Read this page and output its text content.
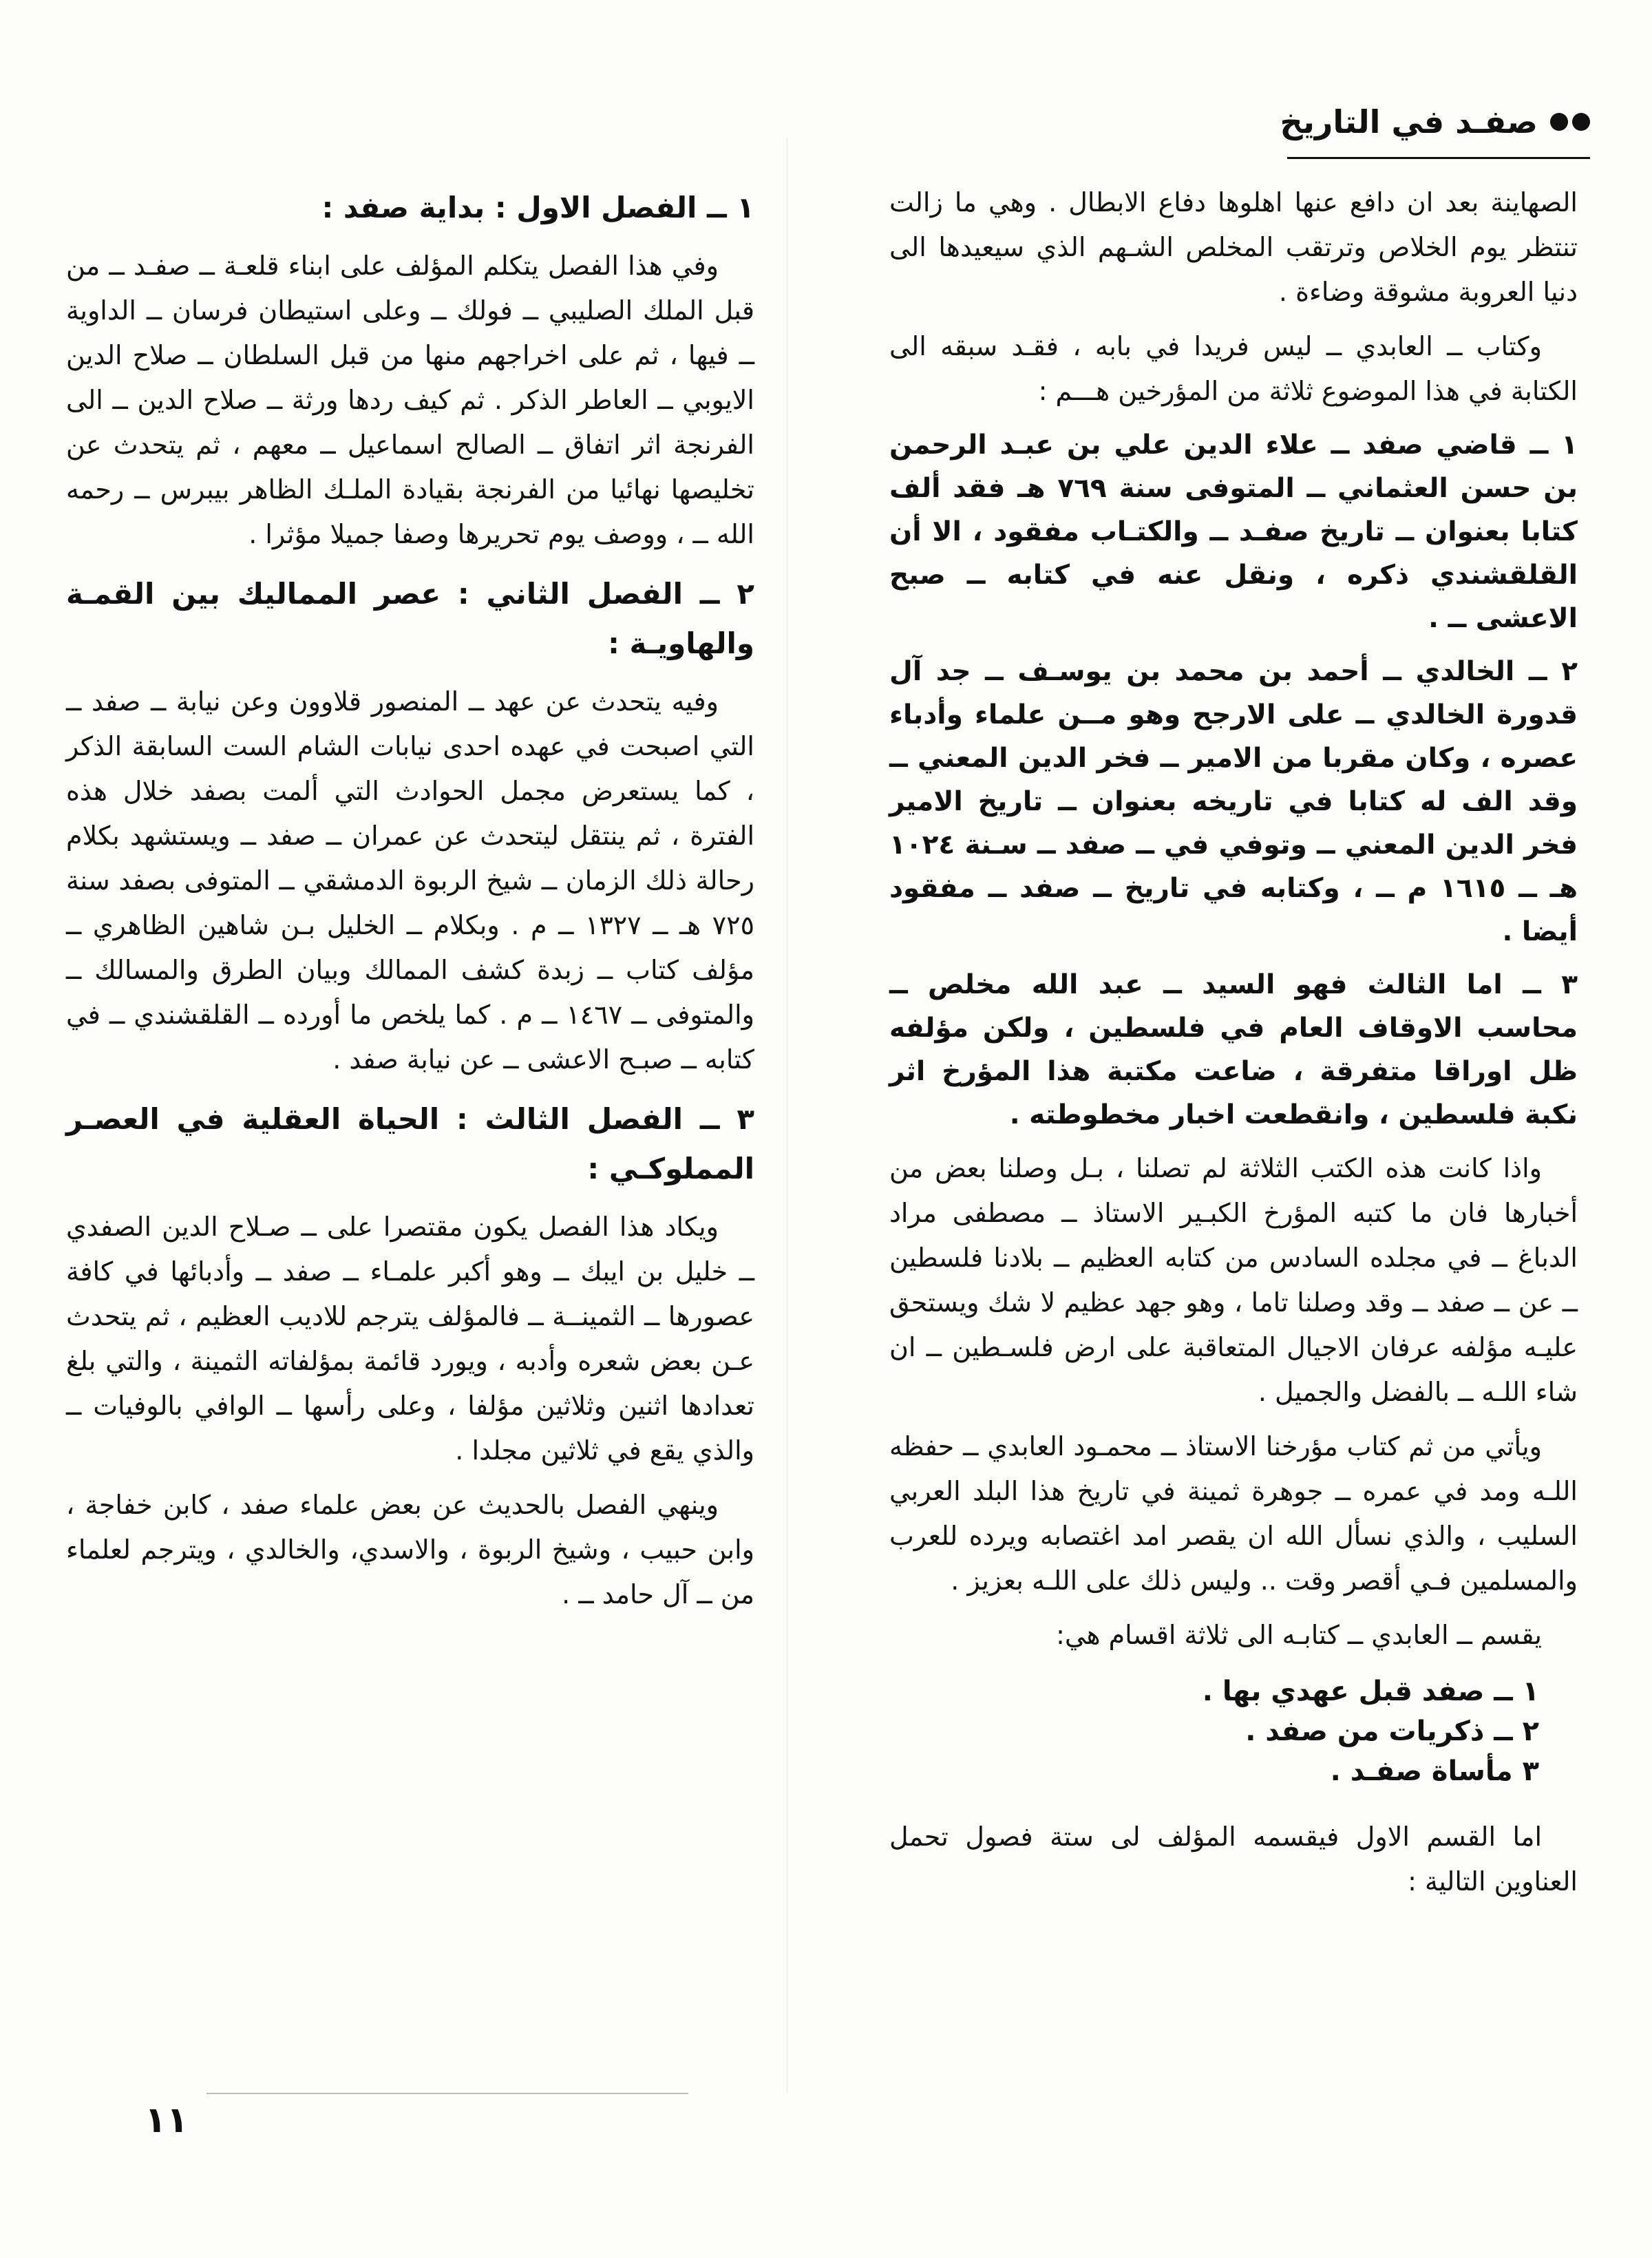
صفـد في التاريخ

الصهاينة بعد ان دافع عنها اهلوها دفاع الابطال . وهي ما زالت تنتظر يوم الخلاص وترتقب المخلص الشـهم الذي سيعيدها الى دنيا العروبة مشوقة وضاءة .

وكتاب ــ العابدي ــ ليس فريدا في بابه ، فقـد سبقه الى الكتابة في هذا الموضوع ثلاثة من المؤرخين هـــم :

١ ــ قاضي صفد ــ علاء الدين علي بن عبـد الرحمن بن حسن العثماني ــ المتوفى سنة ٧٦٩ هـ فقد ألف كتابا بعنوان ــ تاريخ صفـد ــ والكتـاب مفقود ، الا أن القلقشندي ذكره ، ونقل عنه في كتابه ــ صبح الاعشى ــ .

٢ ــ الخالدي ــ أحمد بن محمد بن يوسـف ــ جد آل قدورة الخالدي ــ على الارجح وهو مــن علماء وأدباء عصره ، وكان مقربا من الامير ــ فخر الدين المعني ــ وقد الف له كتابا في تاريخه بعنوان ــ تاريخ الامير فخر الدين المعني ــ وتوفي في ــ صفد ــ سـنة ١٠٢٤ هـ ــ ١٦١٥ م ــ ، وكتابه في تاريخ ــ صفد ــ مفقود أيضا .

٣ ــ اما الثالث فهو السيد ــ عبد الله مخلص ــ محاسب الاوقاف العام في فلسطين ، ولكن مؤلفه ظل اوراقا متفرقة ، ضاعت مكتبة هذا المؤرخ اثر نكبة فلسطين ، وانقطعت اخبار مخطوطته .

واذا كانت هذه الكتب الثلاثة لم تصلنا ، بـل وصلنا بعض من أخبارها فان ما كتبه المؤرخ الكبـير الاستاذ ــ مصطفى مراد الدباغ ــ في مجلده السادس من كتابه العظيم ــ بلادنا فلسطين ــ عن ــ صفد ــ وقد وصلنا تاما ، وهو جهد عظيم لا شك ويستحق عليـه مؤلفه عرفان الاجيال المتعاقبة على ارض فلسـطين ــ ان شاء اللـه ــ بالفضل والجميل .

ويأتي من ثم كتاب مؤرخنا الاستاذ ــ محمـود العابدي ــ حفظه اللـه ومد في عمره ــ جوهرة ثمينة في تاريخ هذا البلد العربي السليب ، والذي نسأل الله ان يقصر امد اغتصابه ويرده للعرب والمسلمين فـي أقصر وقت .. وليس ذلك على اللـه بعزيز .

يقسم ــ العابدي ــ كتابـه الى ثلاثة اقسام هي:

١ ــ صفد قبل عهدي بها .
٢ ــ ذكريات من صفد .
٣ مأساة صفـد .

اما القسم الاول فيقسمه المؤلف لى ستة فصول تحمل العناوين التالية :

١ ــ الفصل الاول : بداية صفد :

وفي هذا الفصل يتكلم المؤلف على ابناء قلعـة ــ صفـد ــ من قبل الملك الصليبي ــ فولك ــ وعلى استيطان فرسان ــ الداوية ــ فيها ، ثم على اخراجهم منها من قبل السلطان ــ صلاح الدين الايوبي ــ العاطر الذكر . ثم كيف ردها ورثة ــ صلاح الدين ــ الى الفرنجة اثر اتفاق ــ الصالح اسماعيل ــ معهم ، ثم يتحدث عن تخليصها نهائيا من الفرنجة بقيادة الملـك الظاهر بيبرس ــ رحمه الله ــ ، ووصف يوم تحريرها وصفا جميلا مؤثرا .

٢ ــ الفصل الثاني : عصر المماليك بين القمـة والهاويـة :

وفيه يتحدث عن عهد ــ المنصور قلاوون وعن نيابة ــ صفد ــ التي اصبحت في عهده احدى نيابات الشام الست السابقة الذكر ، كما يستعرض مجمل الحوادث التي ألمت بصفد خلال هذه الفترة ، ثم ينتقل ليتحدث عن عمران ــ صفد ــ ويستشهد بكلام رحالة ذلك الزمان ــ شيخ الربوة الدمشقي ــ المتوفى بصفد سنة ٧٢٥ هـ ــ ١٣٢٧ ــ م . وبكلام ــ الخليل بـن شاهين الظاهري ــ مؤلف كتاب ــ زبدة كشف الممالك وبيان الطرق والمسالك ــ والمتوفى ــ ١٤٦٧ ــ م . كما يلخص ما أورده ــ القلقشندي ــ في كتابه ــ صبـح الاعشى ــ عن نيابة صفد .

٣ ــ الفصل الثالث : الحياة العقلية في العصـر المملوكـي :

ويكاد هذا الفصل يكون مقتصرا على ــ صـلاح الدين الصفدي ــ خليل بن ايبك ــ وهو أكبر علمـاء ــ صفد ــ وأدبائها في كافة عصورها ــ الثمينــة ــ فالمؤلف يترجم للاديب العظيم ، ثم يتحدث عـن بعض شعره وأدبه ، ويورد قائمة بمؤلفاته الثمينة ، والتي بلغ تعدادها اثنين وثلاثين مؤلفا ، وعلى رأسها ــ الوافي بالوفيات ــ والذي يقع في ثلاثين مجلدا .

وينهي الفصل بالحديث عن بعض علماء صفد ، كابن خفاجة ، وابن حبيب ، وشيخ الربوة ، والاسدي، والخالدي ، ويترجم لعلماء من ــ آل حامد ــ .

١١
